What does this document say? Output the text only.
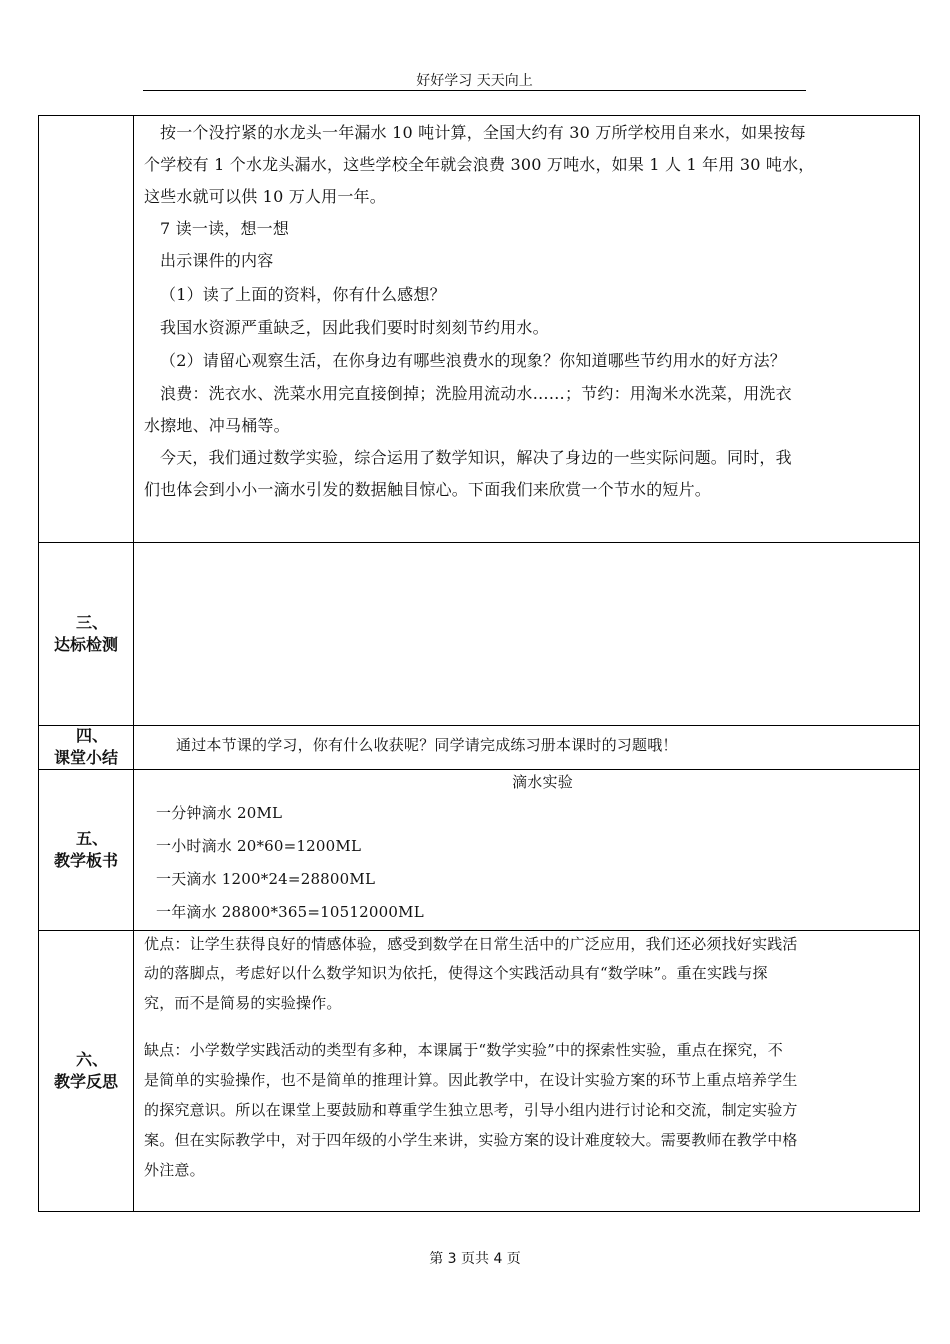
好好学习 天天向上
按一个没拧紧的水龙头一年漏水 10 吨计算，全国大约有 30 万所学校用自来水，如果按每
个学校有 1 个水龙头漏水，这些学校全年就会浪费 300 万吨水，如果 1 人 1 年用 30 吨水，
这些水就可以供 10 万人用一年。
7 读一读，想一想
出示课件的内容
（1）读了上面的资料，你有什么感想？
我国水资源严重缺乏，因此我们要时时刻刻节约用水。
（2）请留心观察生活，在你身边有哪些浪费水的现象？你知道哪些节约用水的好方法？
浪费：洗衣水、洗菜水用完直接倒掉；洗脸用流动水……；节约：用淘米水洗菜，用洗衣
水擦地、冲马桶等。
今天，我们通过数学实验，综合运用了数学知识，解决了身边的一些实际问题。同时，我
们也体会到小小一滴水引发的数据触目惊心。下面我们来欣赏一个节水的短片。
三、
达标检测
四、
课堂小结
通过本节课的学习，你有什么收获呢？同学请完成练习册本课时的习题哦！
五、
教学板书
滴水实验
一分钟滴水 20ML
一小时滴水 20*60=1200ML
一天滴水 1200*24=28800ML
一年滴水 28800*365=10512000ML
六、
教学反思
优点：让学生获得良好的情感体验，感受到数学在日常生活中的广泛应用，我们还必须找好实践活
动的落脚点，考虑好以什么数学知识为依托，使得这个实践活动具有“数学味”。重在实践与探
究，而不是简易的实验操作。
缺点：小学数学实践活动的类型有多种，本课属于“数学实验”中的探索性实验，重点在探究，不
是简单的实验操作，也不是简单的推理计算。因此教学中，在设计实验方案的环节上重点培养学生
的探究意识。所以在课堂上要鼓励和尊重学生独立思考，引导小组内进行讨论和交流，制定实验方
案。但在实际教学中，对于四年级的小学生来讲，实验方案的设计难度较大。需要教师在教学中格
外注意。
第 3 页共 4 页
